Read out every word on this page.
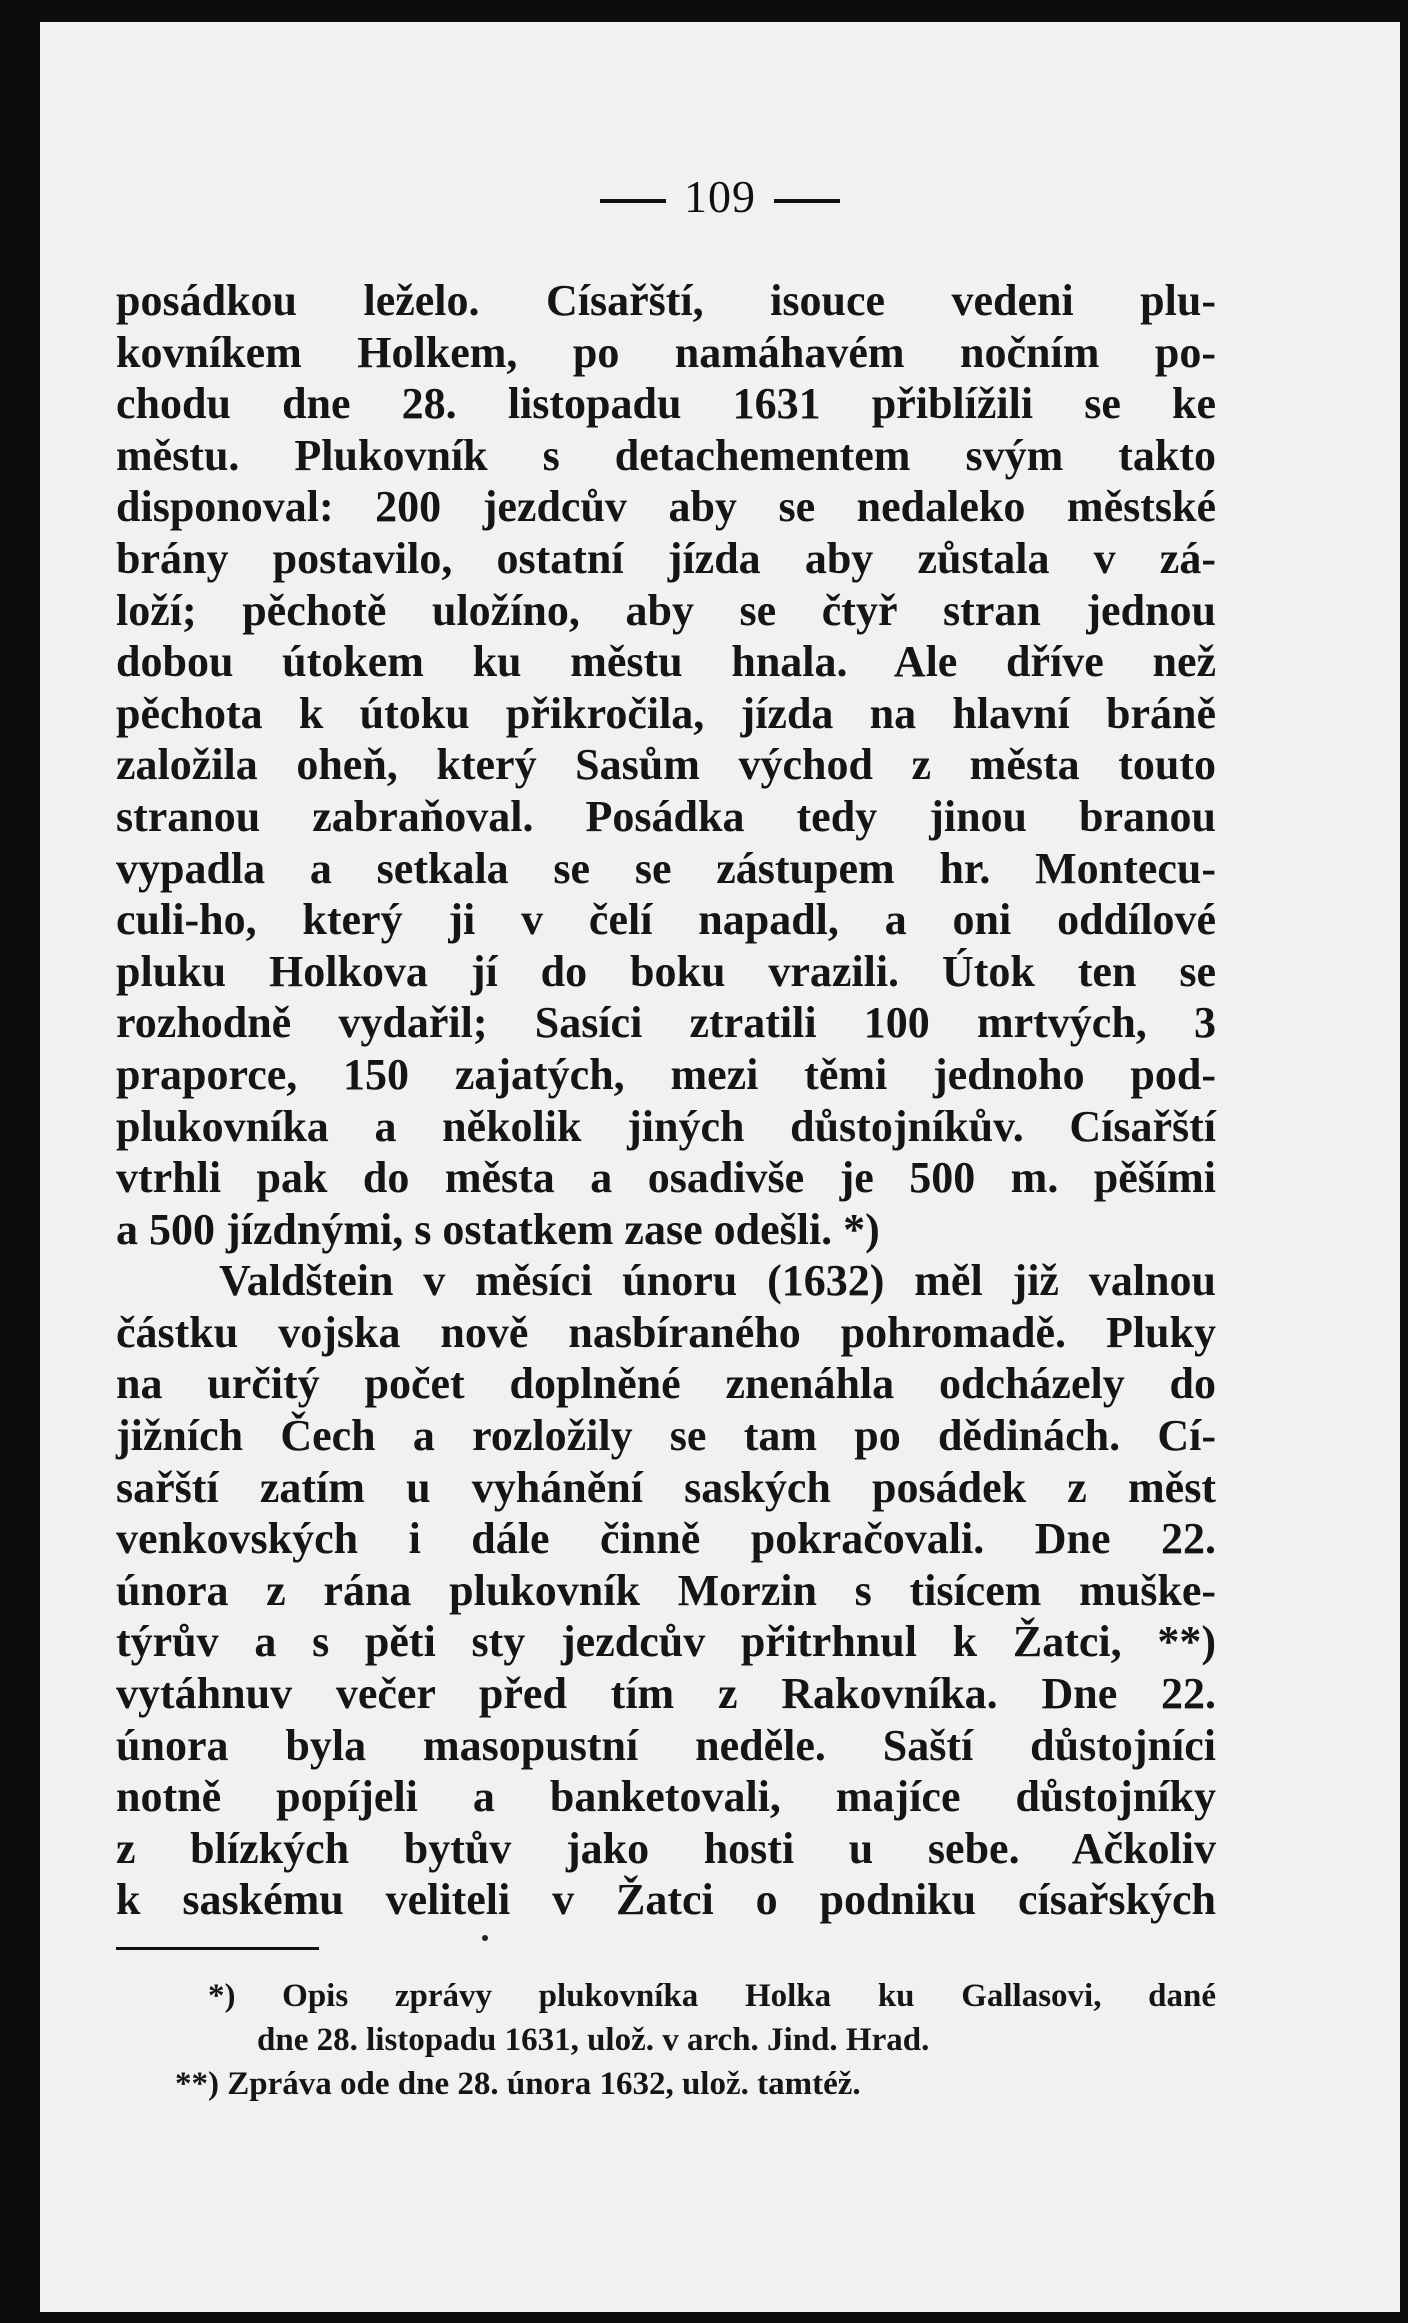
109
posádkou leželo. Císařští, isouce vedeni plu-
kovníkem Holkem, po namáhavém nočním po-
chodu dne 28. listopadu 1631 přiblížili se ke
městu. Plukovník s detachementem svým takto
disponoval: 200 jezdcův aby se nedaleko městské
brány postavilo, ostatní jízda aby zůstala v zá-
loží; pěchotě uložíno, aby se čtyř stran jednou
dobou útokem ku městu hnala. Ale dříve než
pěchota k útoku přikročila, jízda na hlavní bráně
založila oheň, který Sasům východ z města touto
stranou zabraňoval. Posádka tedy jinou branou
vypadla a setkala se se zástupem hr. Montecu-
culi-ho, který ji v čelí napadl, a oni oddílové
pluku Holkova jí do boku vrazili. Útok ten se
rozhodně vydařil; Sasíci ztratili 100 mrtvých, 3
praporce, 150 zajatých, mezi těmi jednoho pod-
plukovníka a několik jiných důstojníkův. Císařští
vtrhli pak do města a osadivše je 500 m. pěšími
a 500 jízdnými, s ostatkem zase odešli. *)
Valdštein v měsíci únoru (1632) měl již valnou
částku vojska nově nasbíraného pohromadě. Pluky
na určitý počet doplněné znenáhla odcházely do
jižních Čech a rozložily se tam po dědinách. Cí-
sařští zatím u vyhánění saských posádek z měst
venkovských i dále činně pokračovali. Dne 22.
února z rána plukovník Morzin s tisícem muške-
týrův a s pěti sty jezdcův přitrhnul k Žatci, **)
vytáhnuv večer před tím z Rakovníka. Dne 22.
února byla masopustní neděle. Saští důstojníci
notně popíjeli a banketovali, majíce důstojníky
z blízkých bytův jako hosti u sebe. Ačkoliv
k saskému veliteli v Žatci o podniku císařských
*) Opis zprávy plukovníka Holka ku Gallasovi, dané
dne 28. listopadu 1631, ulož. v arch. Jind. Hrad.
**) Zpráva ode dne 28. února 1632, ulož. tamtéž.
